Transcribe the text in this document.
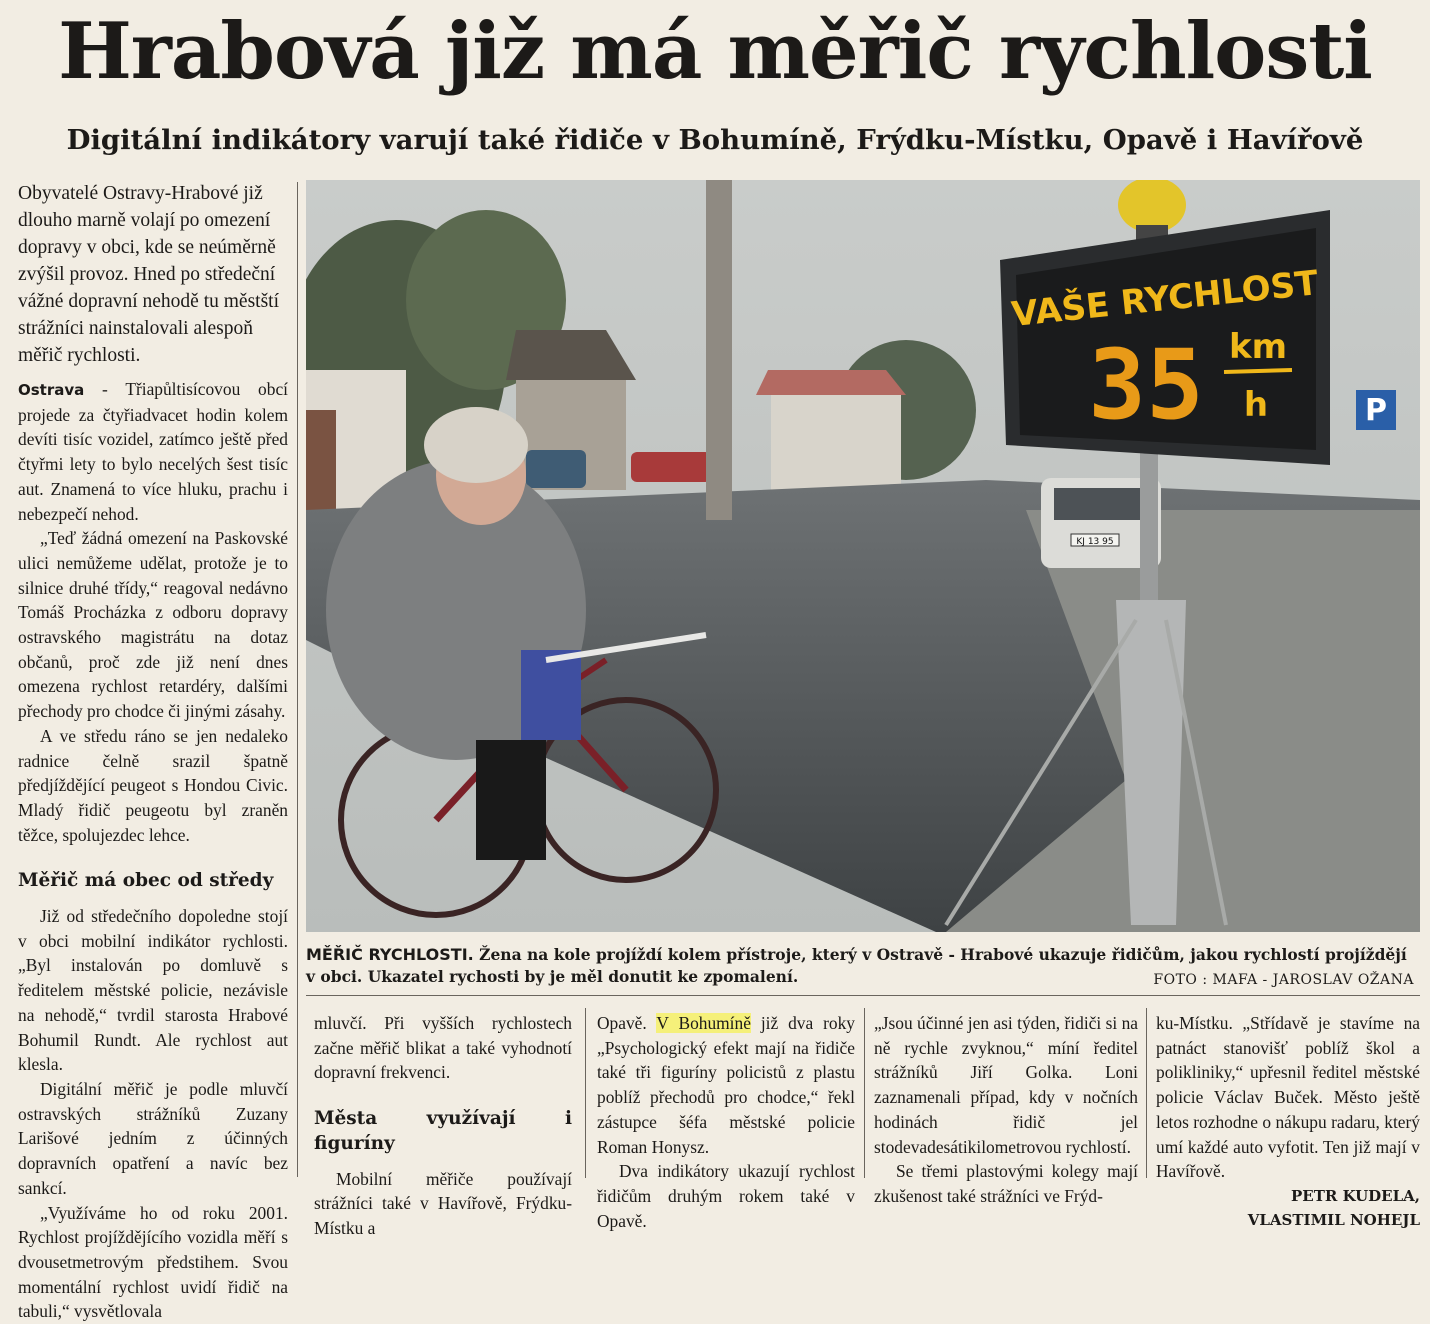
Hrabová již má měřič rychlosti
Digitální indikátory varují také řidiče v Bohumíně, Frýdku-Místku, Opavě i Havířově

Obyvatelé Ostravy-Hrabové již dlouho marně volají po omezení dopravy v obci, kde se neúměrně zvýšil provoz. Hned po středeční vážné dopravní nehodě tu městští strážníci nainstalovali alespoň měřič rychlosti.

Ostrava - Třiapůltisícovou obcí projede za čtyřiadvacet hodin kolem devíti tisíc vozidel, zatímco ještě před čtyřmi lety to bylo necelých šest tisíc aut. Znamená to více hluku, prachu i nebezpečí nehod.

„Teď žádná omezení na Paskovské ulici nemůžeme udělat, protože je to silnice druhé třídy,“ reagoval nedávno Tomáš Procházka z odboru dopravy ostravského magistrátu na dotaz občanů, proč zde již není dnes omezena rychlost retardéry, dalšími přechody pro chodce či jinými zásahy.

A ve středu ráno se jen nedaleko radnice čelně srazil špatně předjíždějící peugeot s Hondou Civic. Mladý řidič peugeotu byl zraněn těžce, spolujezdec lehce.

Měřič má obec od středy

Již od středečního dopoledne stojí v obci mobilní indikátor rychlosti. „Byl instalován po domluvě s ředitelem městské policie, nezávisle na nehodě,“ tvrdil starosta Hrabové Bohumil Rundt. Ale rychlost aut klesla.

Digitální měřič je podle mluvčí ostravských strážníků Zuzany Larišové jedním z účinných dopravních opatření a navíc bez sankcí.

„Využíváme ho od roku 2001. Rychlost projíždějícího vozidla měří s dvousetmetrovým předstihem. Svou momentální rychlost uvidí řidič na tabuli,“ vysvětlovala

P
KJ 13 95
VAŠE RYCHLOST
35 km
h
MĚŘIČ RYCHLOSTI. Žena na kole projíždí kolem přístroje, který v Ostravě - Hrabové ukazuje řidičům, jakou rychlostí projíždějí v obci. Ukazatel rychosti by je měl donutit ke zpomalení.	FOTO : MAFA - JAROSLAV OŽANA

mluvčí. Při vyšších rychlostech začne měřič blikat a také vyhodnotí dopravní frekvenci.

Města využívají i figuríny

Mobilní měřiče používají strážníci také v Havířově, Frýdku-Místku a

Opavě. V Bohumíně již dva roky „Psychologický efekt mají na řidiče také tři figuríny policistů z plastu poblíž přechodů pro chodce,“ řekl zástupce šéfa městské policie Roman Honysz.

Dva indikátory ukazují rychlost řidičům druhým rokem také v Opavě.

„Jsou účinné jen asi týden, řidiči si na ně rychle zvyknou,“ míní ředitel strážníků Jiří Golka. Loni zaznamenali případ, kdy v nočních hodinách řidič jel stodevadesátikilometrovou rychlostí.

Se třemi plastovými kolegy mají zkušenost také strážníci ve Frýd-

ku-Místku. „Střídavě je stavíme na patnáct stanovišť poblíž škol a polikliniky,“ upřesnil ředitel městské policie Václav Buček. Město ještě letos rozhodne o nákupu radaru, který umí každé auto vyfotit. Ten již mají v Havířově.

PETR KUDELA,

VLASTIMIL NOHEJL
